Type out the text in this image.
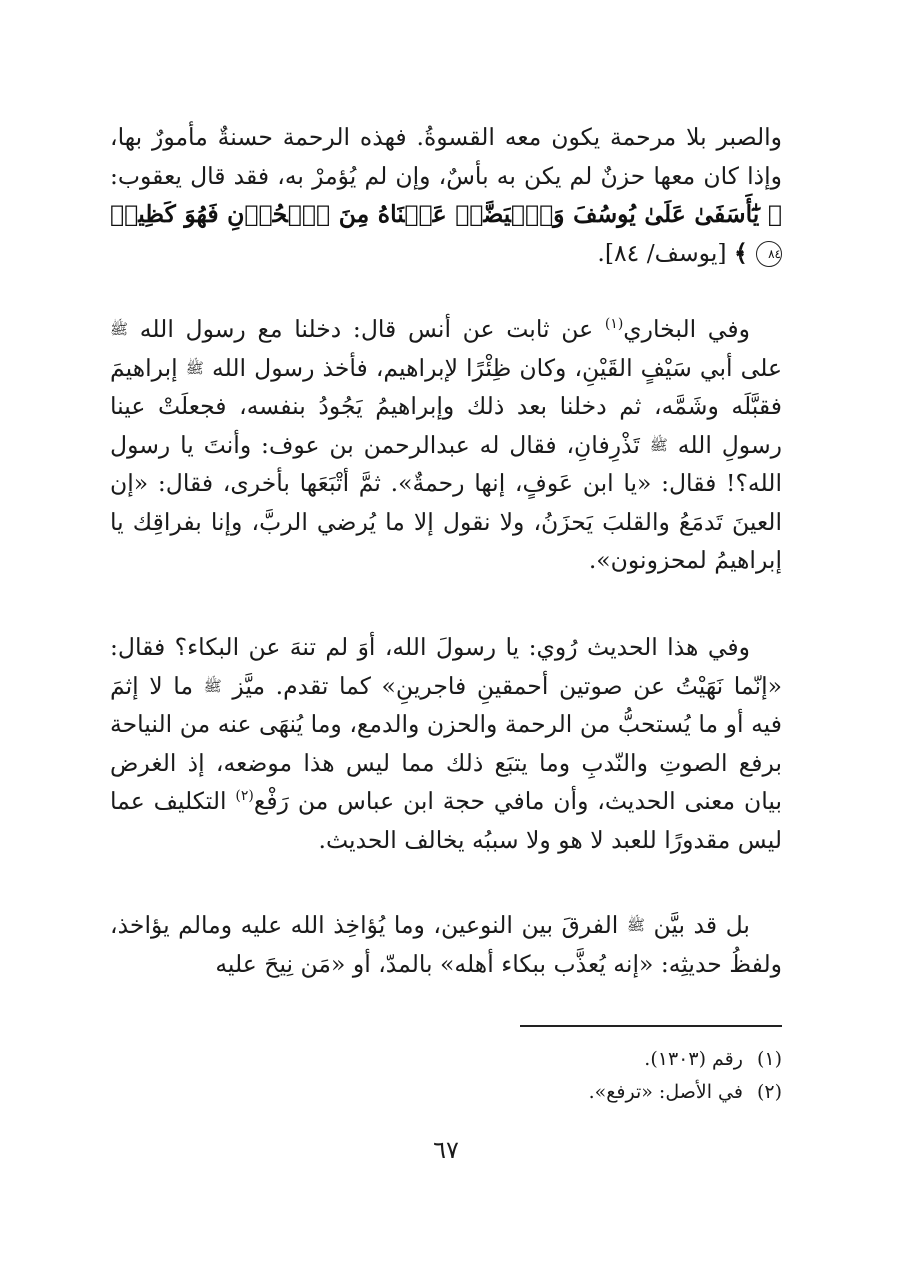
والصبر بلا مرحمة يكون معه القسوةُ. فهذه الرحمة حسنةٌ مأمورٌ بها، وإذا كان معها حزنٌ لم يكن به بأسٌ، وإن لم يُؤمرْ به، فقد قال يعقوب: ﴿ يَٰٓأَسَفَىٰ عَلَىٰ يُوسُفَ وَٱبۡيَضَّتۡ عَيۡنَاهُ مِنَ ٱلۡحُزۡنِ فَهُوَ كَظِيمٞ ٨٤ ﴾ [يوسف/ ٨٤].

وفي البخاري$^{(١)}$ عن ثابت عن أنس قال: دخلنا مع رسول الله ﷺ على أبي سَيْفٍ القَيْنِ، وكان ظِئْرًا لإبراهيم، فأخذ رسول الله ﷺ إبراهيمَ فقبَّلَه وشَمَّه، ثم دخلنا بعد ذلك وإبراهيمُ يَجُودُ بنفسه، فجعلَتْ عينا رسولِ الله ﷺ تَذْرِفانِ، فقال له عبدالرحمن بن عوف: وأنتَ يا رسول الله؟! فقال: «يا ابن عَوفٍ، إنها رحمةٌ». ثمَّ أتْبَعَها بأخرى، فقال: «إن العينَ تَدمَعُ والقلبَ يَحزَنُ، ولا نقول إلا ما يُرضي الربَّ، وإنا بفراقِك يا إبراهيمُ لمحزونون».

وفي هذا الحديث رُوي: يا رسولَ الله، أوَ لم تنهَ عن البكاء؟ فقال: «إنّما نَهَيْتُ عن صوتين أحمقينِ فاجرينِ» كما تقدم. ميَّز ﷺ ما لا إثمَ فيه أو ما يُستحبُّ من الرحمة والحزن والدمع، وما يُنهَى عنه من النياحة برفع الصوتِ والنّدبِ وما يتبَع ذلك مما ليس هذا موضعه، إذ الغرض بيان معنى الحديث، وأن مافي حجة ابن عباس من رَفْع$^{(٢)}$ التكليف عما ليس مقدورًا للعبد لا هو ولا سببُه يخالف الحديث.

بل قد بيَّن ﷺ الفرقَ بين النوعين، وما يُؤاخِذ الله عليه ومالم يؤاخذ، ولفظُ حديثِه: «إنه يُعذَّب ببكاء أهله» بالمدّ، أو «مَن نِيحَ عليه

(١)رقم (١٣٠٣).
(٢)في الأصل: «ترفع».
٦٧
